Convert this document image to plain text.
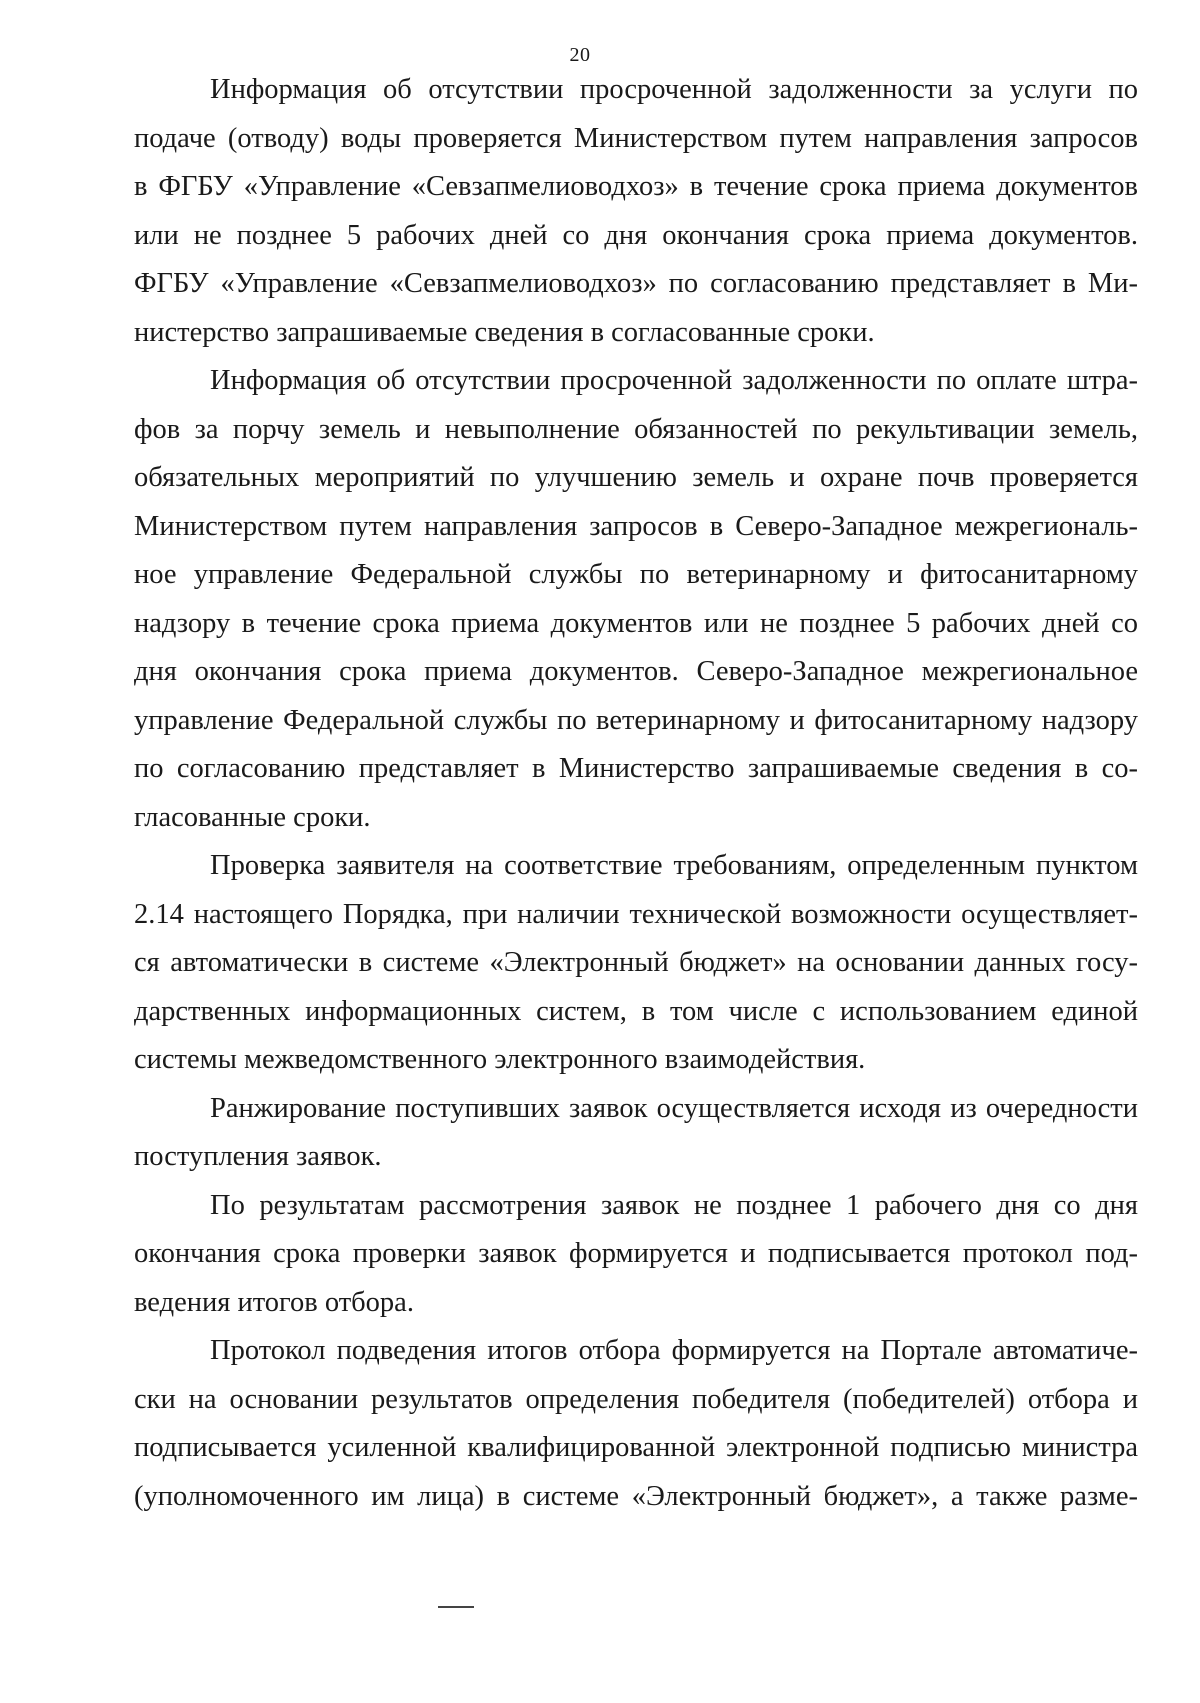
20

Информация об отсутствии просроченной задолженности за услуги по
подаче (отводу) воды проверяется Министерством путем направления запросов
в ФГБУ «Управление «Севзапмелиоводхоз» в течение срока приема документов
или не позднее 5 рабочих дней со дня окончания срока приема документов.
ФГБУ «Управление «Севзапмелиоводхоз» по согласованию представляет в Ми-
нистерство запрашиваемые сведения в согласованные сроки.

Информация об отсутствии просроченной задолженности по оплате штра-
фов за порчу земель и невыполнение обязанностей по рекультивации земель,
обязательных мероприятий по улучшению земель и охране почв проверяется
Министерством путем направления запросов в Северо-Западное межрегиональ-
ное управление Федеральной службы по ветеринарному и фитосанитарному
надзору в течение срока приема документов или не позднее 5 рабочих дней со
дня окончания срока приема документов. Северо-Западное межрегиональное
управление Федеральной службы по ветеринарному и фитосанитарному надзору
по согласованию представляет в Министерство запрашиваемые сведения в со-
гласованные сроки.

Проверка заявителя на соответствие требованиям, определенным пунктом
2.14 настоящего Порядка, при наличии технической возможности осуществляет-
ся автоматически в системе «Электронный бюджет» на основании данных госу-
дарственных информационных систем, в том числе с использованием единой
системы межведомственного электронного взаимодействия.

Ранжирование поступивших заявок осуществляется исходя из очередности
поступления заявок.

По результатам рассмотрения заявок не позднее 1 рабочего дня со дня
окончания срока проверки заявок формируется и подписывается протокол под-
ведения итогов отбора.

Протокол подведения итогов отбора формируется на Портале автоматиче-
ски на основании результатов определения победителя (победителей) отбора и
подписывается усиленной квалифицированной электронной подписью министра
(уполномоченного им лица) в системе «Электронный бюджет», а также разме-
